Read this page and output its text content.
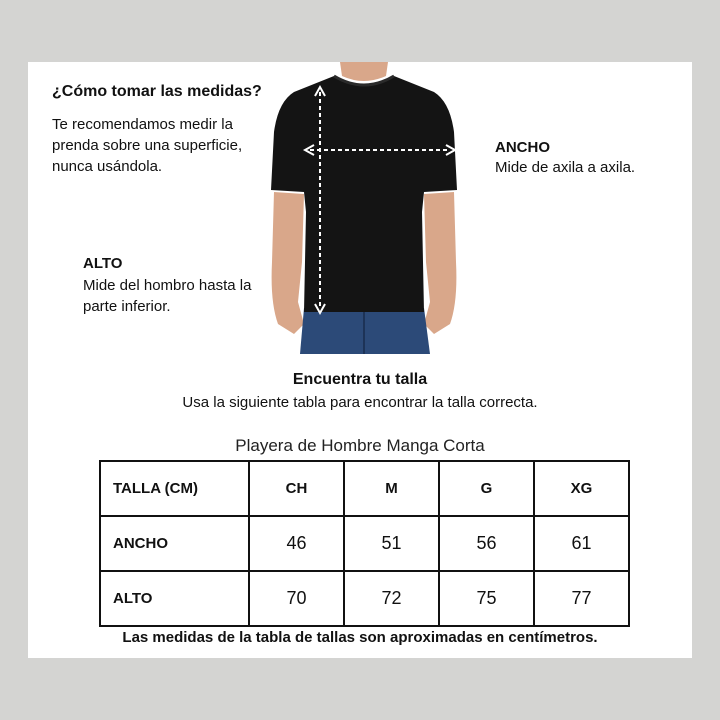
¿Cómo tomar las medidas?
Te recomendamos medir la prenda sobre una superficie, nunca usándola.
ANCHO
Mide de axila a axila.
ALTO
Mide del hombro hasta la parte inferior.
Encuentra tu talla
Usa la siguiente tabla para encontrar la talla correcta.
Playera de Hombre Manga Corta
TALLA (CM)	CH	M	G	XG
ANCHO	46	51	56	61
ALTO	70	72	75	77
Las medidas de la tabla de tallas son aproximadas en centímetros.
